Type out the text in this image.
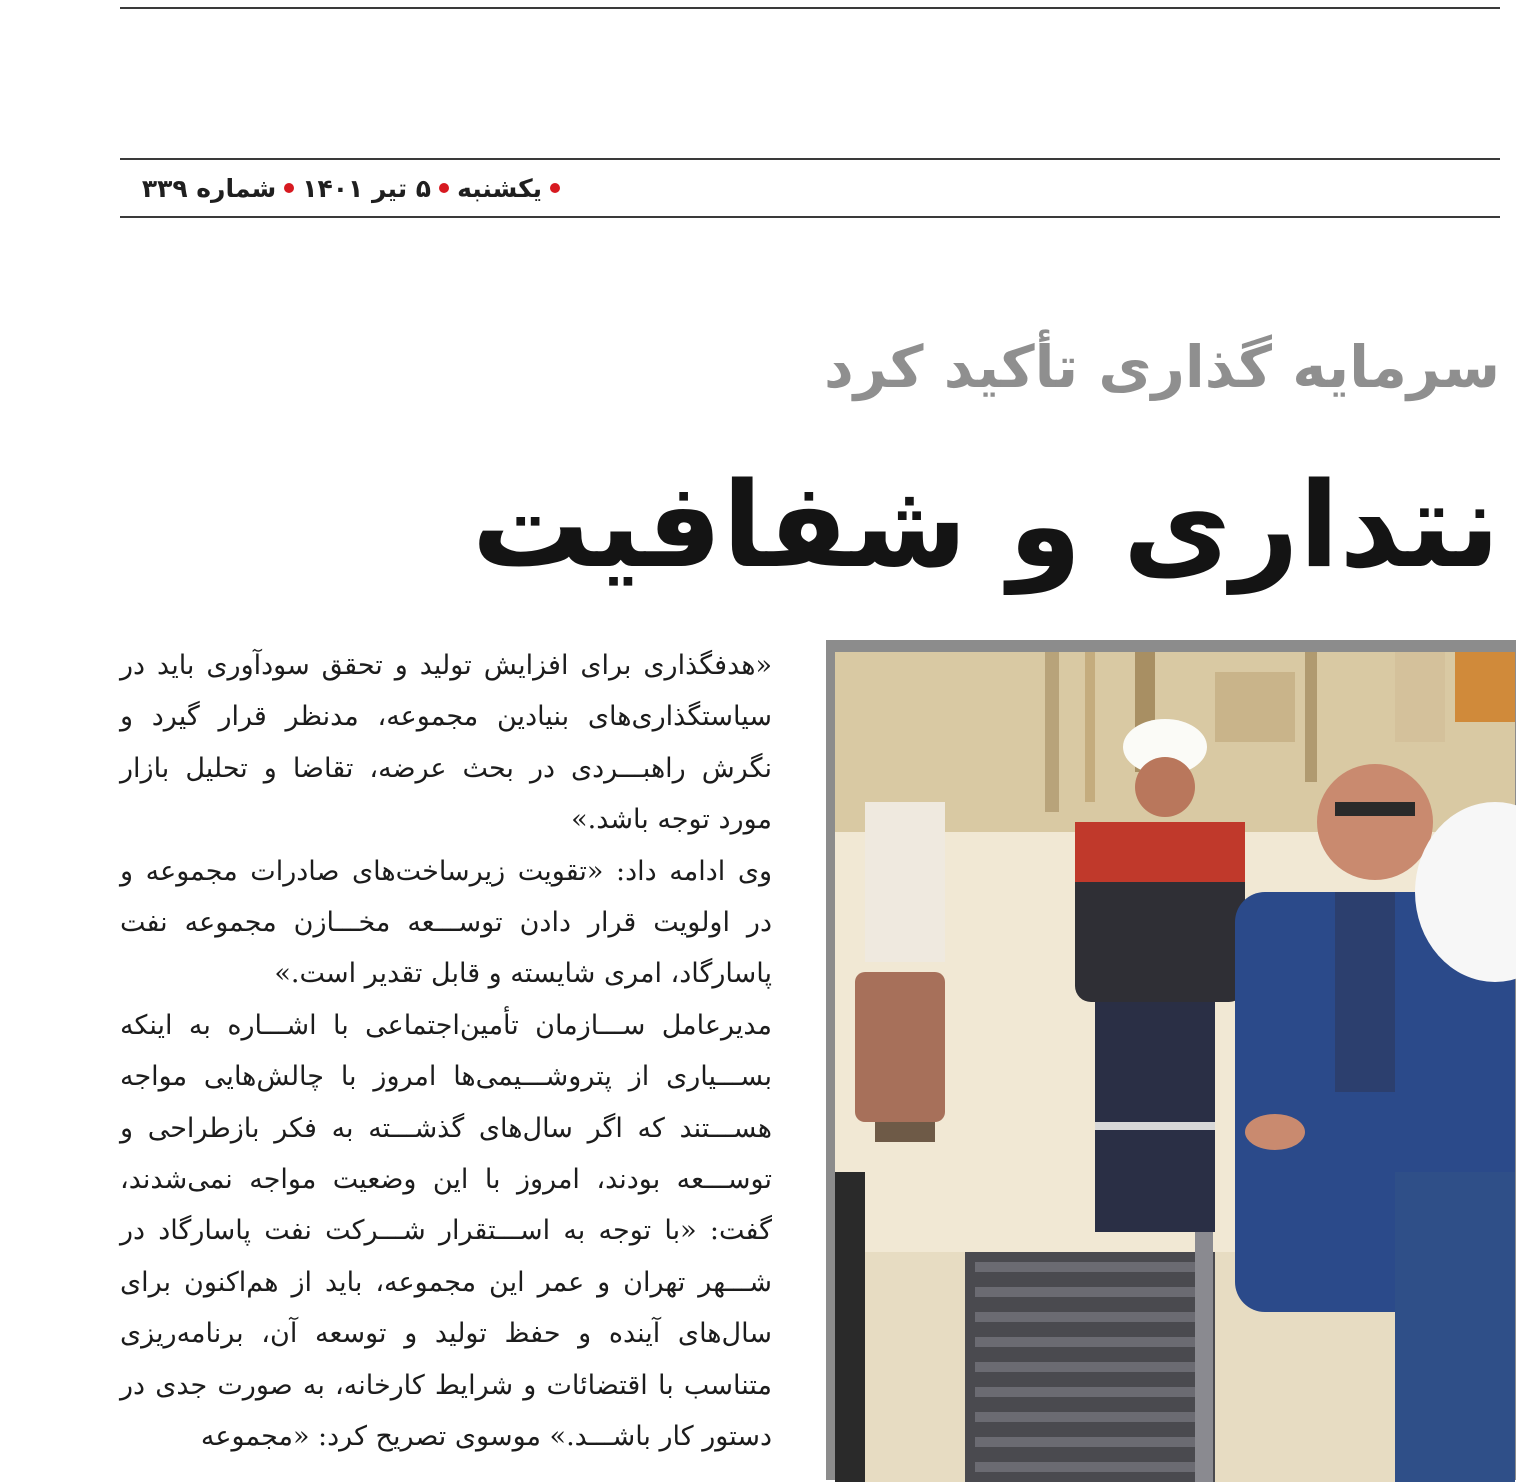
یکشنبه
۵ تیر ۱۴۰۱
شماره ۳۳۹
سرمایه گذاری تأکید کرد
نتداری و شفافیت

«هدفگذاری برای افزایش تولید و تحقق سودآوری باید در سیاستگذاری‌های بنیادین مجموعه، مدنظر قرار گیرد و نگرش راهبـــردی در بحث عرضه، تقاضا و تحلیل بازار مورد توجه باشد.»

وی ادامه داد: «تقویت زیرساخت‌های صادرات مجموعه و در اولویت قرار دادن توســـعه مخـــازن مجموعه نفت پاسارگاد، امری شایسته و قابل تقدیر است.»

مدیرعامل ســـازمان تأمین‌اجتماعی با اشـــاره به اینکه بســـیاری از پتروشـــیمی‌ها امروز با چالش‌هایی مواجه هســـتند که اگر سال‌های گذشـــته به فکر بازطراحی و توســـعه بودند، امروز با این وضعیت مواجه نمی‌شدند، گفت: «با توجه به اســـتقرار شـــرکت نفت پاسارگاد در شـــهر تهران و عمر این مجموعه، باید از هم‌اکنون برای سال‌های آینده و حفظ تولید و توسعه آن، برنامه‌ریزی متناسب با اقتضائات و شرایط کارخانه، به صورت جدی در دستور کار باشـــد.» موسوی تصریح کرد: «مجموعه
